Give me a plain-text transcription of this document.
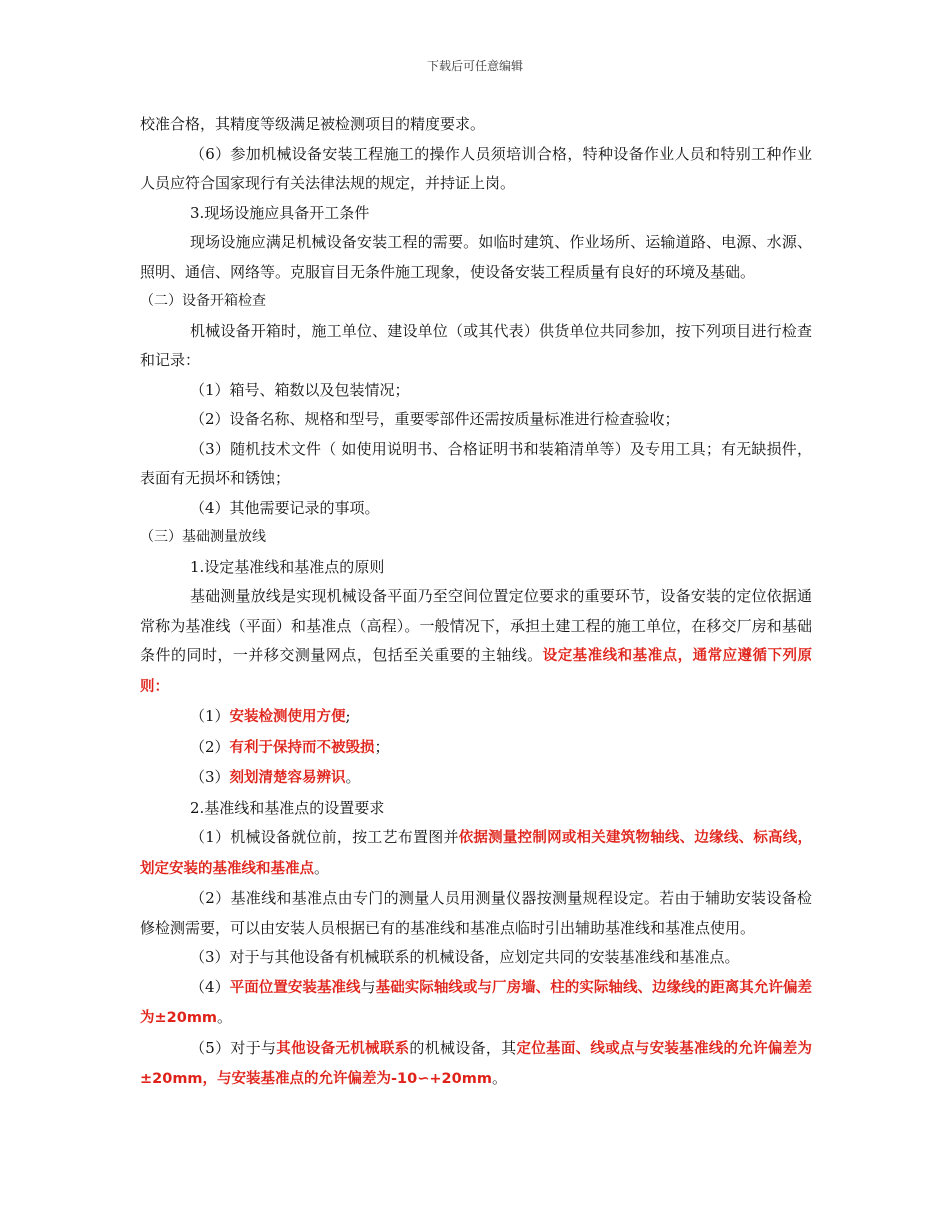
下载后可任意编辑

校准合格，其精度等级满足被检测项目的精度要求。

（6）参加机械设备安装工程施工的操作人员须培训合格，特种设备作业人员和特别工种作业人员应符合国家现行有关法律法规的规定，并持证上岗。

3.现场设施应具备开工条件

现场设施应满足机械设备安装工程的需要。如临时建筑、作业场所、运输道路、电源、水源、照明、通信、网络等。克服盲目无条件施工现象，使设备安装工程质量有良好的环境及基础。

（二）设备开箱检查

机械设备开箱时，施工单位、建设单位（或其代表）供货单位共同参加，按下列项目进行检查和记录：

（1）箱号、箱数以及包装情况；

（2）设备名称、规格和型号，重要零部件还需按质量标准进行检查验收；

（3）随机技术文件（ 如使用说明书、合格证明书和装箱清单等）及专用工具；有无缺损件，表面有无损坏和锈蚀；

（4）其他需要记录的事项。

（三）基础测量放线

1.设定基准线和基准点的原则

基础测量放线是实现机械设备平面乃至空间位置定位要求的重要环节，设备安装的定位依据通常称为基准线（平面）和基准点（高程）。一般情况下，承担土建工程的施工单位，在移交厂房和基础条件的同时，一并移交测量网点，包括至关重要的主轴线。设定基准线和基准点，通常应遵循下列原则：

（1）安装检测使用方便;

（2）有利于保持而不被毁损；

（3）刻划清楚容易辨识。

2.基准线和基准点的设置要求

（1）机械设备就位前，按工艺布置图并依据测量控制网或相关建筑物轴线、边缘线、标高线，划定安装的基准线和基准点。

（2）基准线和基准点由专门的测量人员用测量仪器按测量规程设定。若由于辅助安装设备检修检测需要，可以由安装人员根据已有的基准线和基准点临时引出辅助基准线和基准点使用。

（3）对于与其他设备有机械联系的机械设备，应划定共同的安装基准线和基准点。

（4）平面位置安装基准线与基础实际轴线或与厂房墙、柱的实际轴线、边缘线的距离其允许偏差为±20mm。

（5）对于与其他设备无机械联系的机械设备，其定位基面、线或点与安装基准线的允许偏差为±20mm，与安装基准点的允许偏差为-10∽+20mm。
